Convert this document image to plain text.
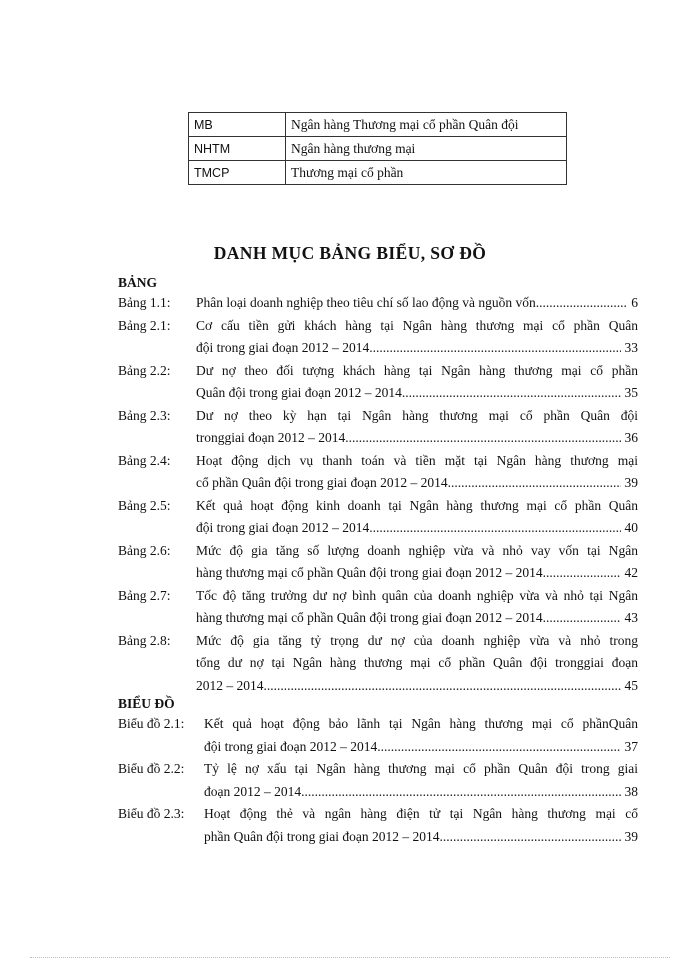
MB	Ngân hàng Thương mại cổ phần Quân đội
NHTM	Ngân hàng thương mại
TMCP	Thương mại cổ phần
DANH MỤC BẢNG BIỂU, SƠ ĐỒ
BẢNG
Bảng 1.1:	Phân loại doanh nghiệp theo tiêu chí số lao động và nguồn vốn .....	6
Bảng 2.1:	Cơ cấu tiền gửi khách hàng tại Ngân hàng thương mại cổ phần Quân
đội trong giai đoạn 2012 – 2014 .....	33
Bảng 2.2:	Dư nợ theo đối tượng khách hàng tại Ngân hàng thương mại cổ phần
Quân đội trong giai đoạn 2012 – 2014 .....	35
Bảng 2.3:	Dư nợ theo kỳ hạn tại Ngân hàng thương mại cổ phần Quân đội
tronggiai đoạn 2012 – 2014 .....	36
Bảng 2.4:	Hoạt động dịch vụ thanh toán và tiền mặt tại Ngân hàng thương mại
cổ phần Quân đội trong giai đoạn 2012 – 2014 .....	39
Bảng 2.5:	Kết quả hoạt động kinh doanh tại Ngân hàng thương mại cổ phần Quân
đội trong giai đoạn 2012 – 2014 .....	40
Bảng 2.6:	Mức độ gia tăng số lượng doanh nghiệp vừa và nhỏ vay vốn tại Ngân
hàng thương mại cổ phần Quân đội trong giai đoạn 2012 – 2014 .....	42
Bảng 2.7:	Tốc độ tăng trưởng dư nợ bình quân của doanh nghiệp vừa và nhỏ tại Ngân
hàng thương mại cổ phần Quân đội trong giai đoạn 2012 – 2014 .....	43
Bảng 2.8:	Mức độ gia tăng tỷ trọng dư nợ của doanh nghiệp vừa và nhỏ trong
tổng dư nợ tại Ngân hàng thương mại cổ phần Quân đội tronggiai đoạn
2012 – 2014 .....	45
BIỂU ĐỒ
Biểu đồ 2.1:	Kết quả hoạt động bảo lãnh tại Ngân hàng thương mại cổ phầnQuân
đội trong giai đoạn 2012 – 2014 .....	37
Biểu đồ 2.2:	Tỷ lệ nợ xấu tại Ngân hàng thương mại cổ phần Quân đội trong giai
đoạn 2012 – 2014 .....	38
Biểu đồ 2.3:	Hoạt động thẻ và ngân hàng điện tử tại Ngân hàng thương mại cổ
phần Quân đội trong giai đoạn 2012 – 2014 .....	39
